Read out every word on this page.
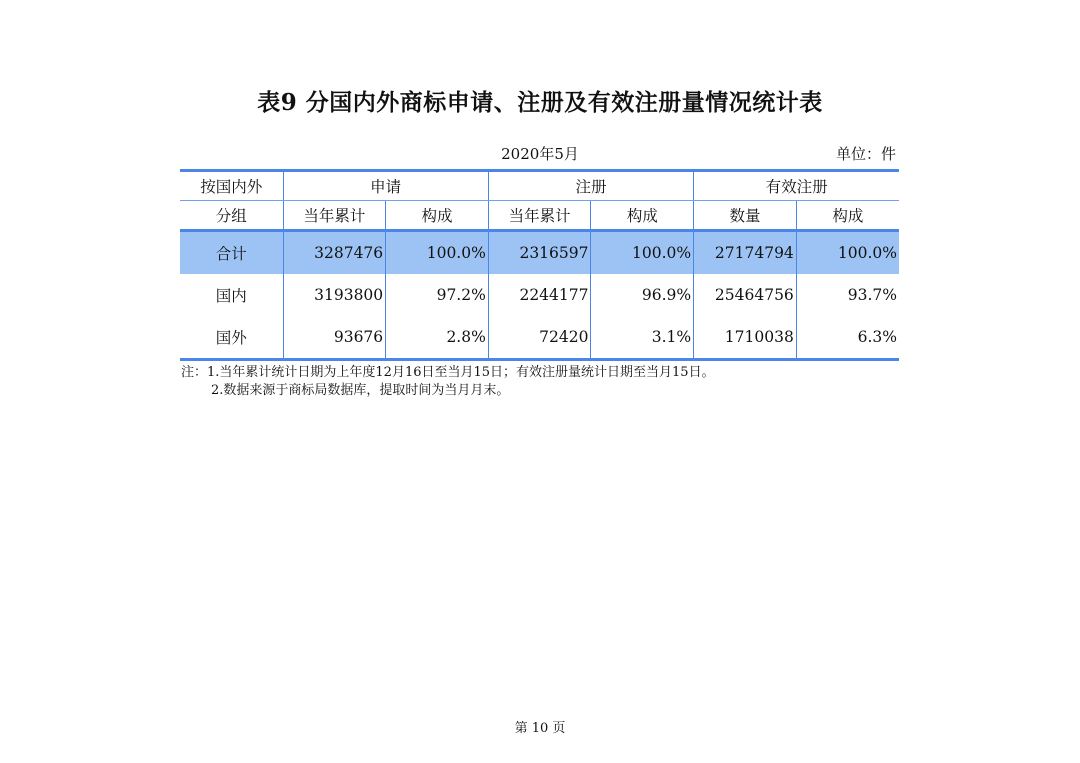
表9 分国内外商标申请、注册及有效注册量情况统计表
2020年5月	单位：件
按国内外	申请		注册		有效注册	
分组	当年累计	构成	当年累计	构成	数量	构成
合计	3287476	100.0%	2316597	100.0%	27174794	100.0%
国内	3193800	97.2%	2244177	96.9%	25464756	93.7%
国外	93676	2.8%	72420	3.1%	1710038	6.3%
注：1.当年累计统计日期为上年度12月16日至当月15日；有效注册量统计日期至当月15日。
2.数据来源于商标局数据库，提取时间为当月月末。
第 10 页
